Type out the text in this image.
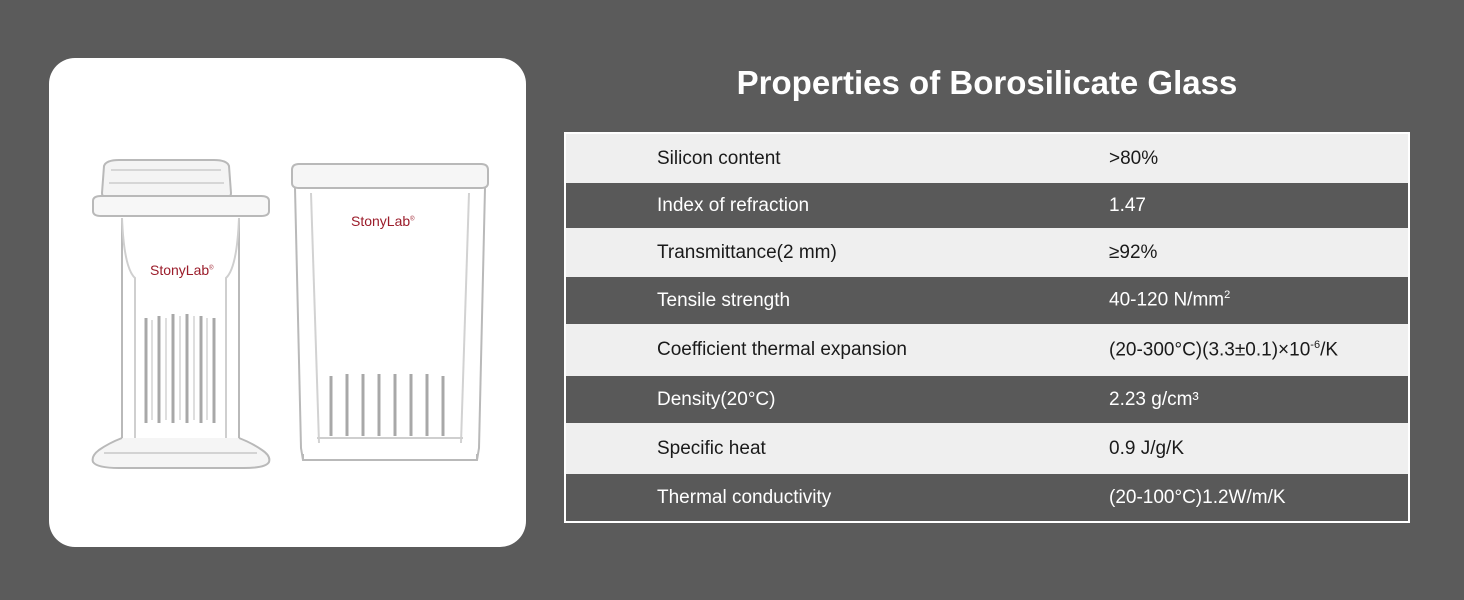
StonyLab®
StonyLab®
Properties of Borosilicate Glass
Silicon content	>80%
Index of refraction	1.47
Transmittance(2 mm)	≥92%
Tensile strength	40-120 $N/mm^2$
Coefficient thermal expansion	$(20-300^\circ C)(3.3\pm 0.1)\times 10^{-6}/K$
Density(20°C)	2.23 g/cm³
Specific heat	0.9 J/g/K
Thermal conductivity	(20-100°C)1.2W/m/K
